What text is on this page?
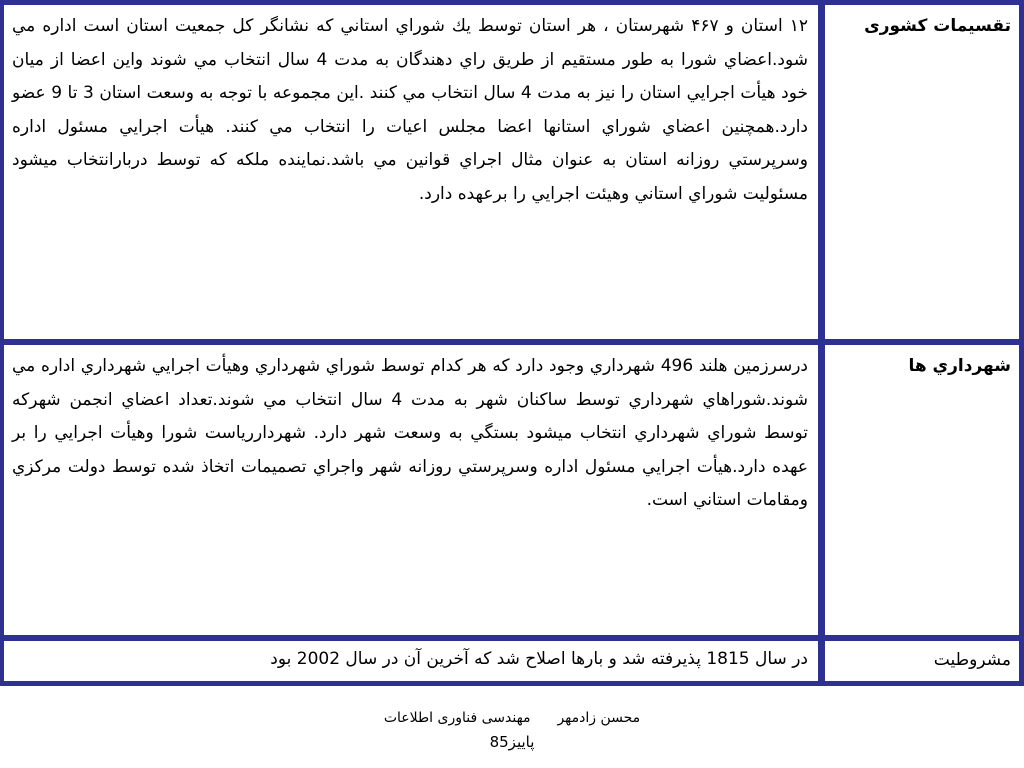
تقسیمات کشوری
۱۲ استان و ۴۶۷ شهرستان ، هر استان توسط يك شوراي استاني كه نشانگر كل جمعيت استان است اداره مي شود.اعضاي شورا به طور مستقيم از طريق راي دهندگان به مدت 4 سال انتخاب مي شوند واين اعضا از ميان خود هيأت اجرايي استان را نيز به مدت 4 سال انتخاب مي كنند .اين مجموعه با توجه به وسعت استان 3 تا 9 عضو دارد.همچنين اعضاي شوراي استانها اعضا مجلس اعيات را انتخاب مي كنند. هيأت اجرايي مسئول اداره وسرپرستي روزانه استان به عنوان مثال اجراي قوانين مي باشد.نماينده ملكه كه توسط دربارانتخاب ميشود مسئوليت شوراي استاني وهيئت اجرايي را برعهده دارد.
شهرداري ها
درسرزمين هلند 496 شهرداري وجود دارد كه هر كدام توسط شوراي شهرداري وهيأت اجرايي شهرداري اداره مي شوند.شوراهاي شهرداري توسط ساكنان شهر به مدت 4 سال انتخاب مي شوند.تعداد اعضاي انجمن شهركه توسط شوراي شهرداري انتخاب ميشود بستگي به وسعت شهر دارد. شهرداررياست شورا وهيأت اجرايي را بر عهده دارد.هيأت اجرايي مسئول اداره وسرپرستي روزانه شهر واجراي تصميمات اتخاذ شده توسط دولت مركزي ومقامات استاني است.
مشروطیت
در سال 1815 پذيرفته شد و بارها اصلاح شد كه آخرين آن در سال 2002 بود
محسن زادمهر  مهندسی فناوری اطلاعات
پاییز85
